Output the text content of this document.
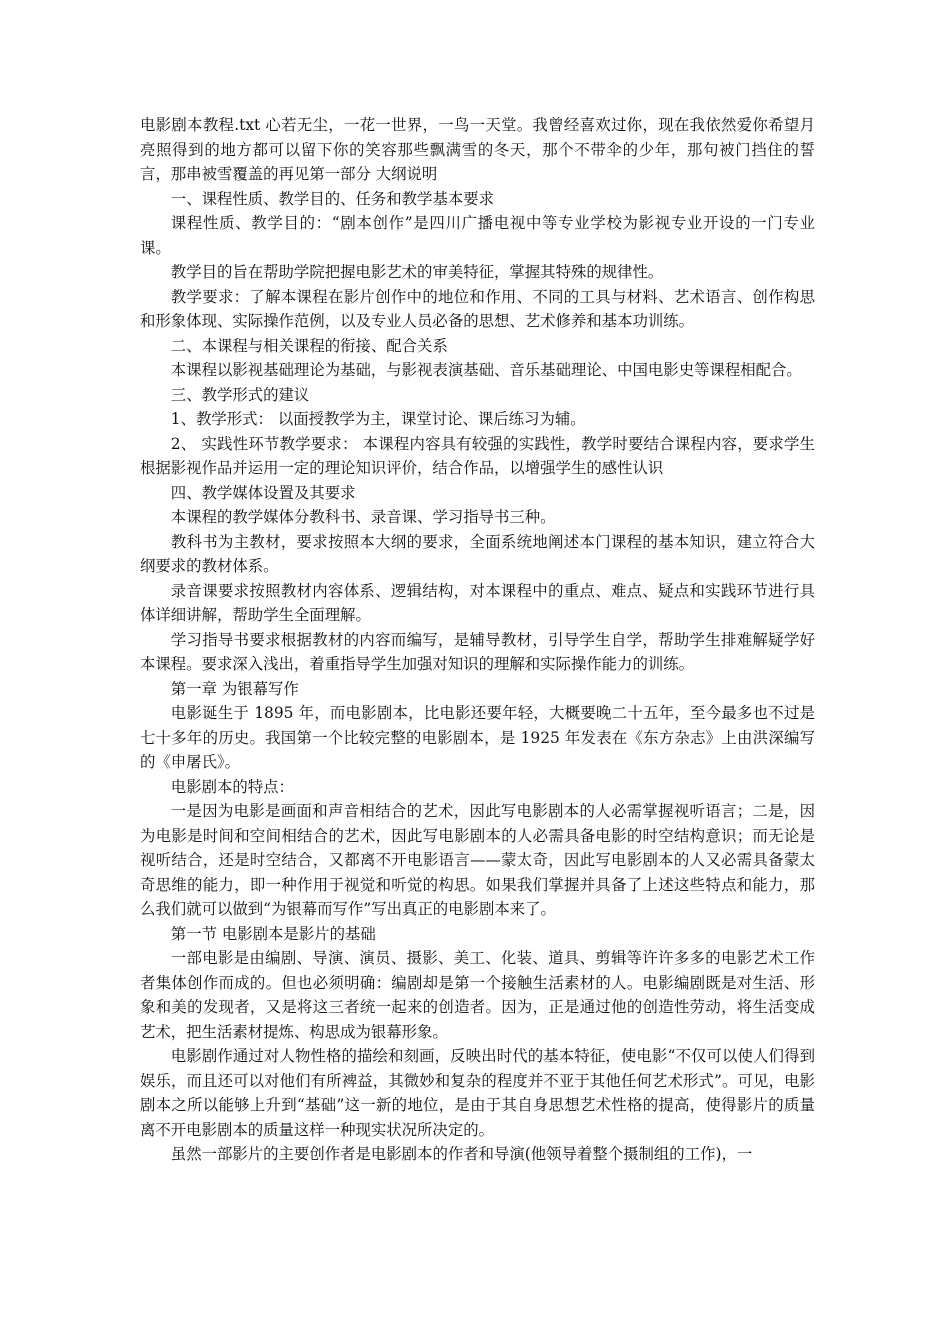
电影剧本教程.txt 心若无尘，一花一世界，一鸟一天堂。我曾经喜欢过你，现在我依然爱你希望月亮照得到的地方都可以留下你的笑容那些飘满雪的冬天，那个不带伞的少年，那句被门挡住的誓言，那串被雪覆盖的再见第一部分 大纲说明

一、课程性质、教学目的、任务和教学基本要求

课程性质、教学目的：“剧本创作”是四川广播电视中等专业学校为影视专业开设的一门专业课。

教学目的旨在帮助学院把握电影艺术的审美特征，掌握其特殊的规律性。

教学要求：了解本课程在影片创作中的地位和作用、不同的工具与材料、艺术语言、创作构思和形象体现、实际操作范例，以及专业人员必备的思想、艺术修养和基本功训练。

二、本课程与相关课程的衔接、配合关系

本课程以影视基础理论为基础，与影视表演基础、音乐基础理论、中国电影史等课程相配合。

三、教学形式的建议

1、教学形式： 以面授教学为主，课堂讨论、课后练习为辅。

2、 实践性环节教学要求： 本课程内容具有较强的实践性，教学时要结合课程内容，要求学生根据影视作品并运用一定的理论知识评价，结合作品，以增强学生的感性认识

四、教学媒体设置及其要求

本课程的教学媒体分教科书、录音课、学习指导书三种。

教科书为主教材，要求按照本大纲的要求，全面系统地阐述本门课程的基本知识，建立符合大纲要求的教材体系。

录音课要求按照教材内容体系、逻辑结构，对本课程中的重点、难点、疑点和实践环节进行具体详细讲解，帮助学生全面理解。

学习指导书要求根据教材的内容而编写，是辅导教材，引导学生自学，帮助学生排难解疑学好本课程。要求深入浅出，着重指导学生加强对知识的理解和实际操作能力的训练。

第一章 为银幕写作

电影诞生于 1895 年，而电影剧本，比电影还要年轻，大概要晚二十五年，至今最多也不过是七十多年的历史。我国第一个比较完整的电影剧本，是 1925 年发表在《东方杂志》上由洪深编写的《申屠氏》。

电影剧本的特点：

一是因为电影是画面和声音相结合的艺术，因此写电影剧本的人必需掌握视听语言；二是，因为电影是时间和空间相结合的艺术，因此写电影剧本的人必需具备电影的时空结构意识；而无论是视听结合，还是时空结合，又都离不开电影语言——蒙太奇，因此写电影剧本的人又必需具备蒙太奇思维的能力，即一种作用于视觉和听觉的构思。如果我们掌握并具备了上述这些特点和能力，那么我们就可以做到“为银幕而写作”写出真正的电影剧本来了。

第一节 电影剧本是影片的基础

一部电影是由编剧、导演、演员、摄影、美工、化装、道具、剪辑等许许多多的电影艺术工作者集体创作而成的。但也必须明确：编剧却是第一个接触生活素材的人。电影编剧既是对生活、形象和美的发现者，又是将这三者统一起来的创造者。因为，正是通过他的创造性劳动，将生活变成艺术，把生活素材提炼、构思成为银幕形象。

电影剧作通过对人物性格的描绘和刻画，反映出时代的基本特征，使电影“不仅可以使人们得到娱乐，而且还可以对他们有所裨益，其微妙和复杂的程度并不亚于其他任何艺术形式”。可见，电影剧本之所以能够上升到“基础”这一新的地位，是由于其自身思想艺术性格的提高，使得影片的质量离不开电影剧本的质量这样一种现实状况所决定的。

虽然一部影片的主要创作者是电影剧本的作者和导演(他领导着整个摄制组的工作)，一
